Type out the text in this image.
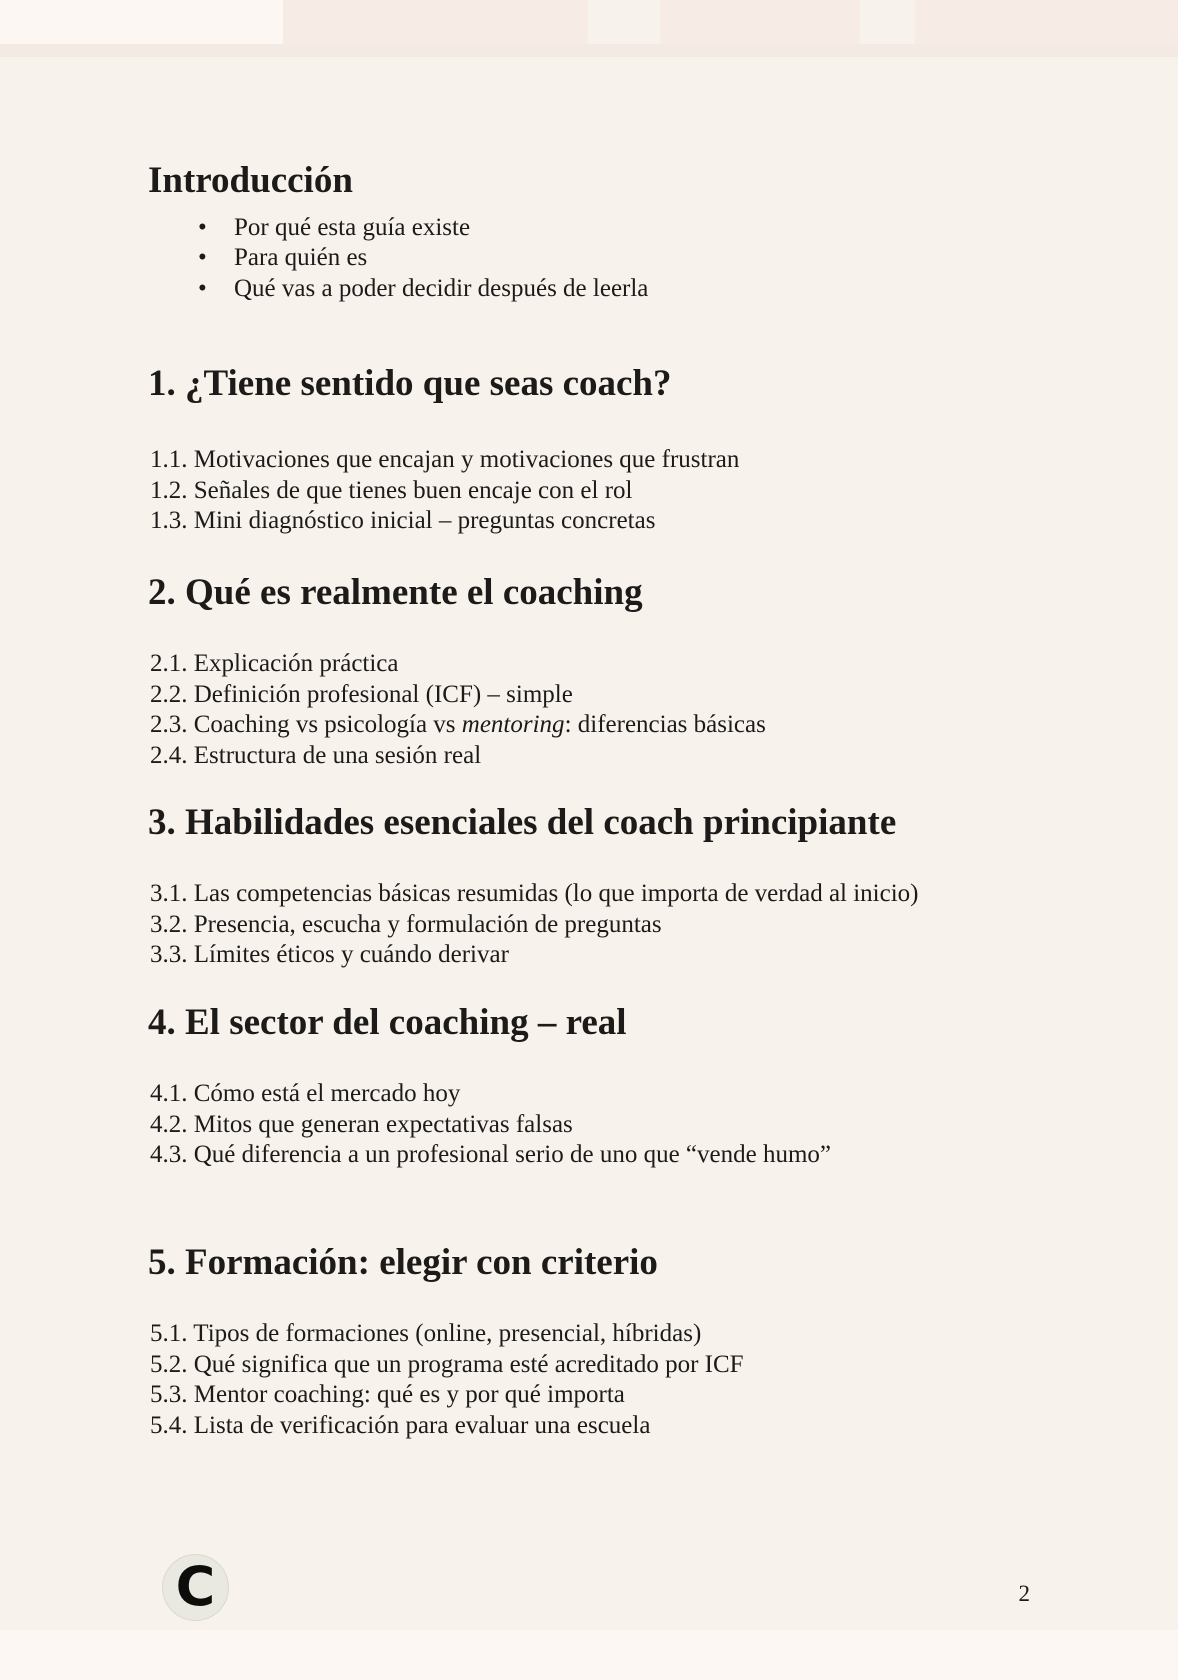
Introducción
•	Por qué esta guía existe
•	Para quién es
•	Qué vas a poder decidir después de leerla
1. ¿Tiene sentido que seas coach?
1.1. Motivaciones que encajan y motivaciones que frustran
1.2. Señales de que tienes buen encaje con el rol
1.3. Mini diagnóstico inicial – preguntas concretas
2. Qué es realmente el coaching
2.1. Explicación práctica
2.2. Definición profesional (ICF) – simple
2.3. Coaching vs psicología vs mentoring: diferencias básicas
2.4. Estructura de una sesión real
3. Habilidades esenciales del coach principiante
3.1. Las competencias básicas resumidas (lo que importa de verdad al inicio)
3.2. Presencia, escucha y formulación de preguntas
3.3. Límites éticos y cuándo derivar
4. El sector del coaching – real
4.1. Cómo está el mercado hoy
4.2. Mitos que generan expectativas falsas
4.3. Qué diferencia a un profesional serio de uno que “vende humo”
5. Formación: elegir con criterio
5.1. Tipos de formaciones (online, presencial, híbridas)
5.2. Qué significa que un programa esté acreditado por ICF
5.3. Mentor coaching: qué es y por qué importa
5.4. Lista de verificación para evaluar una escuela
C	2
